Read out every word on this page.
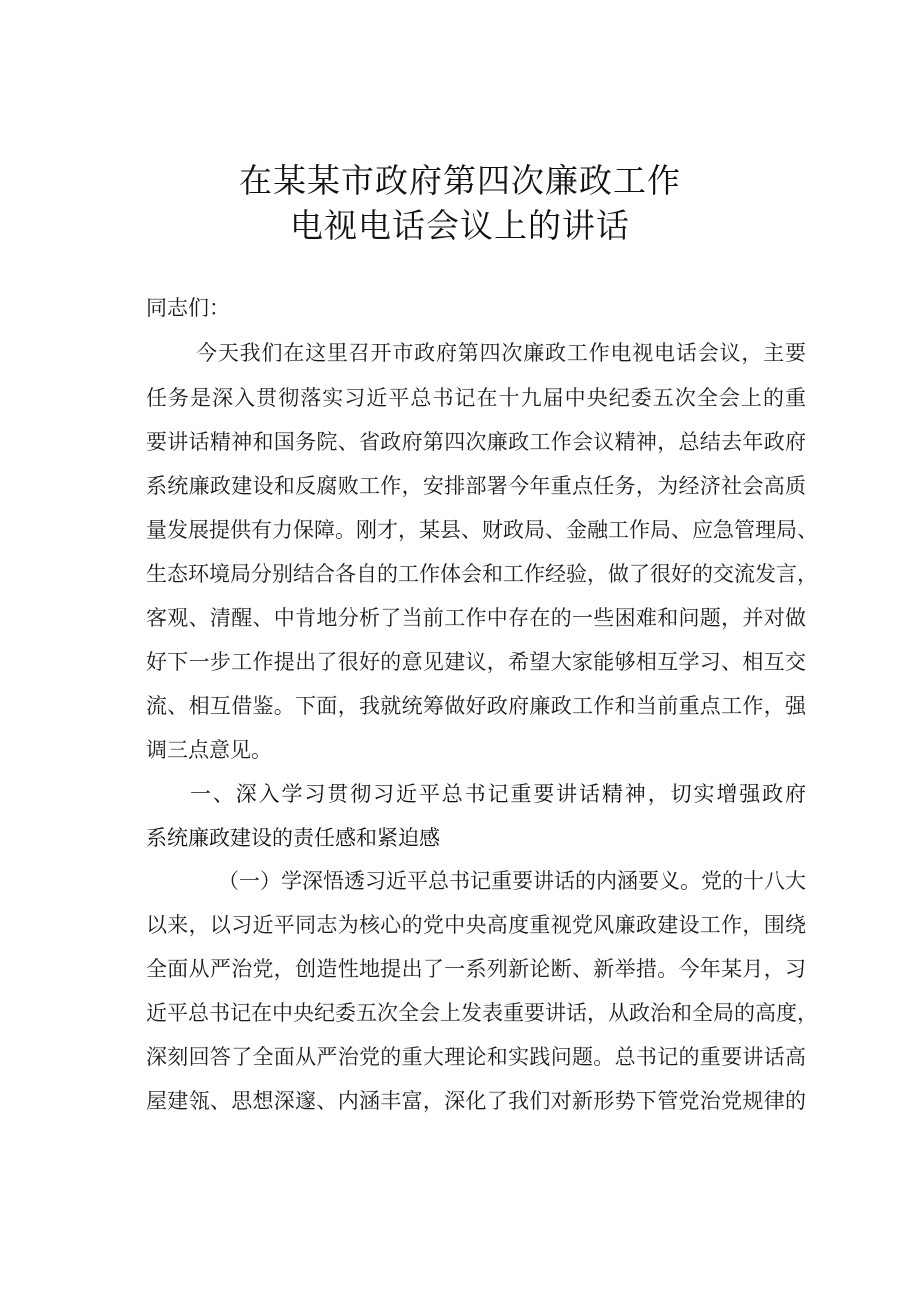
在某某市政府第四次廉政工作
电视电话会议上的讲话
同志们：
今天我们在这里召开市政府第四次廉政工作电视电话会议，主要
任务是深入贯彻落实习近平总书记在十九届中央纪委五次全会上的重
要讲话精神和国务院、省政府第四次廉政工作会议精神，总结去年政府
系统廉政建设和反腐败工作，安排部署今年重点任务，为经济社会高质
量发展提供有力保障。刚才，某县、财政局、金融工作局、应急管理局、
生态环境局分别结合各自的工作体会和工作经验，做了很好的交流发言，
客观、清醒、中肯地分析了当前工作中存在的一些困难和问题，并对做
好下一步工作提出了很好的意见建议，希望大家能够相互学习、相互交
流、相互借鉴。下面，我就统筹做好政府廉政工作和当前重点工作，强
调三点意见。
一、深入学习贯彻习近平总书记重要讲话精神，切实增强政府
系统廉政建设的责任感和紧迫感
（一）学深悟透习近平总书记重要讲话的内涵要义。党的十八大
以来，以习近平同志为核心的党中央高度重视党风廉政建设工作，围绕
全面从严治党，创造性地提出了一系列新论断、新举措。今年某月，习
近平总书记在中央纪委五次全会上发表重要讲话，从政治和全局的高度，
深刻回答了全面从严治党的重大理论和实践问题。总书记的重要讲话高
屋建瓴、思想深邃、内涵丰富，深化了我们对新形势下管党治党规律的
